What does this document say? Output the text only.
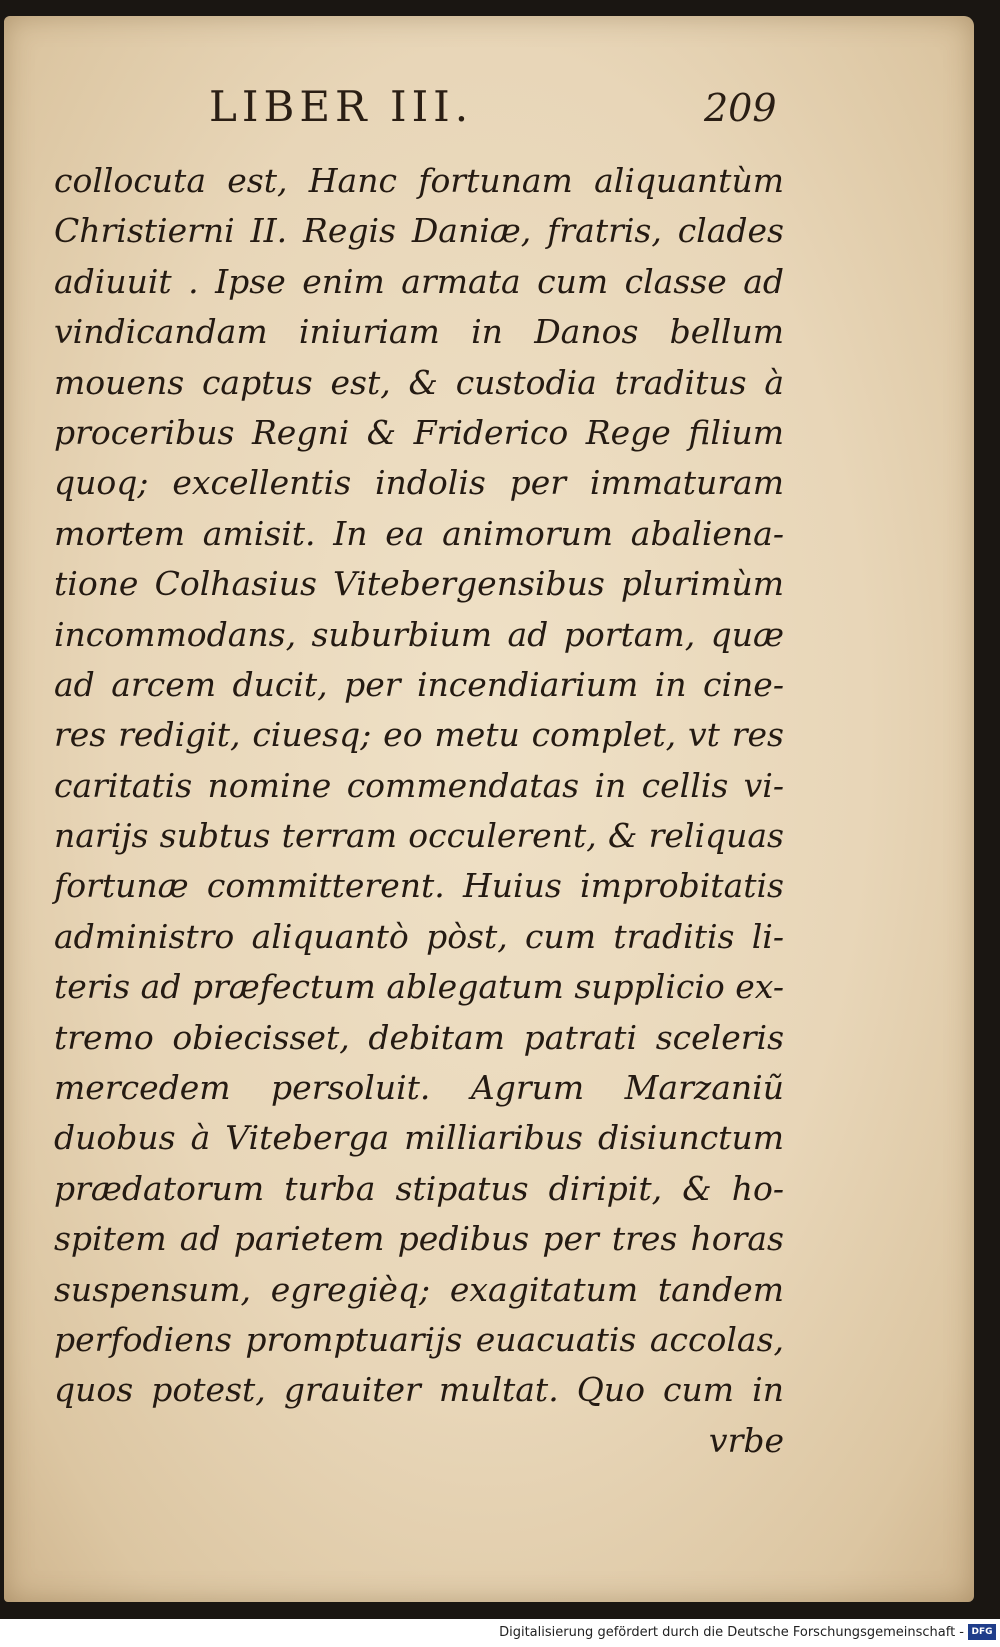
LIBER III.	209
collocuta est, Hanc fortunam aliquantùm
Christierni II. Regis Daniæ, fratris, clades
adiuuit . Ipse enim armata cum classe ad
vindicandam iniuriam in Danos bellum
mouens captus est, & custodia traditus à
proceribus Regni & Friderico Rege filium
quoq; excellentis indolis per immaturam
mortem amisit. In ea animorum abaliena-
tione Colhasius Vitebergensibus plurimùm
incommodans, suburbium ad portam, quæ
ad arcem ducit, per incendiarium in cine-
res redigit, ciuesq; eo metu complet, vt res
caritatis nomine commendatas in cellis vi-
narijs subtus terram occulerent, & reliquas
fortunæ committerent. Huius improbitatis
administro aliquantò pòst, cum traditis li-
teris ad præfectum ablegatum supplicio ex-
tremo obiecisset, debitam patrati sceleris
mercedem persoluit. Agrum Marzaniũ
duobus à Viteberga milliaribus disiunctum
prædatorum turba stipatus diripit, & ho-
spitem ad parietem pedibus per tres horas
suspensum, egregièq; exagitatum tandem
perfodiens promptuarijs euacuatis accolas,
quos potest, grauiter multat. Quo cum in
vrbe
Digitalisierung gefördert durch die Deutsche Forschungsgemeinschaft - DFG
